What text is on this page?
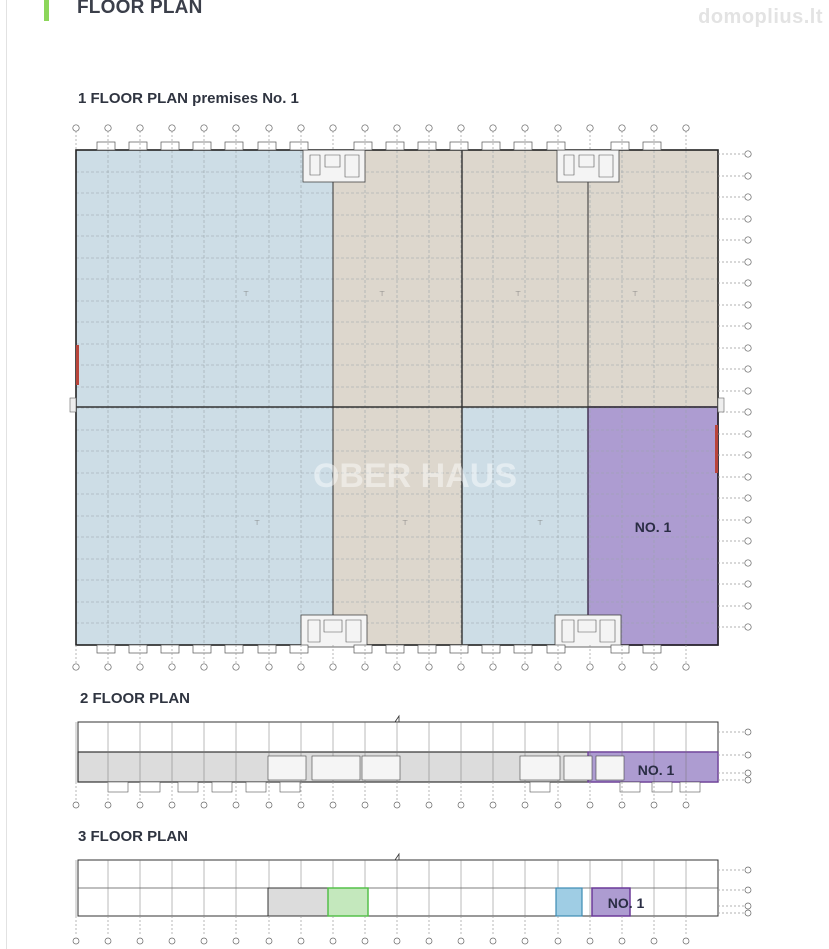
FLOOR PLAN	domoplius.lt
1 FLOOR PLAN premises No. 1
2 FLOOR PLAN
3 FLOOR PLAN
⊤	⊤	⊤	⊤
⊤	⊤	⊤
OBER HAUS
NO. 1
NO. 1
NO. 1
